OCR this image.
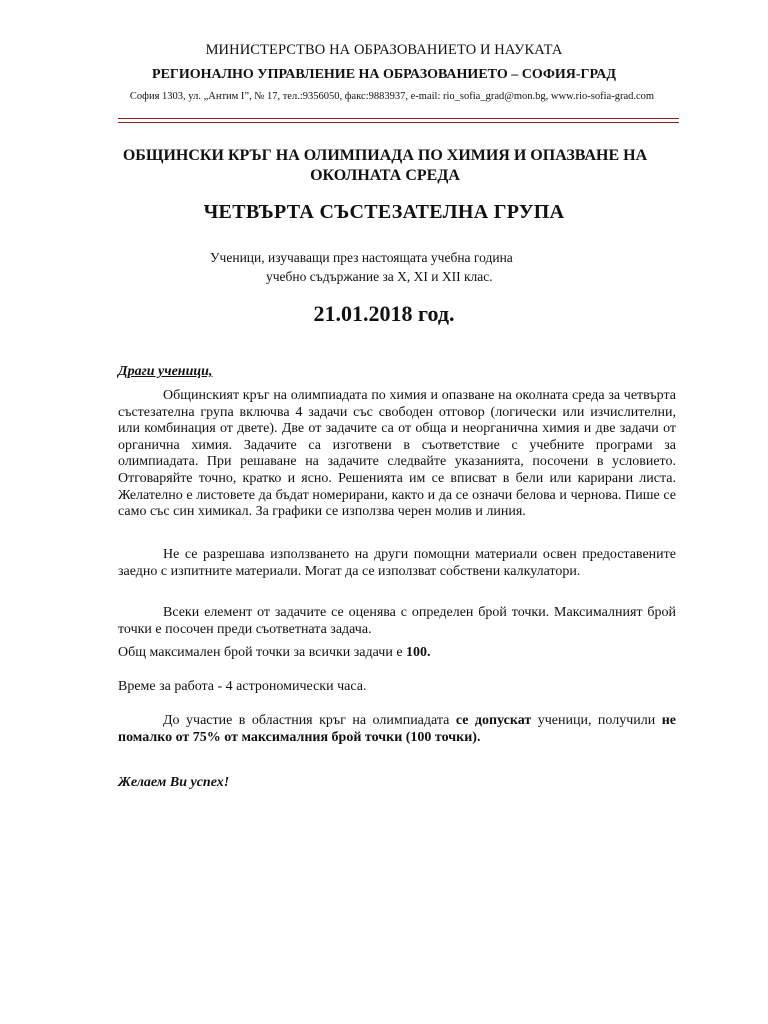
МИНИСТЕРСТВО НА ОБРАЗОВАНИЕТО И НАУКАТА
РЕГИОНАЛНО УПРАВЛЕНИЕ НА ОБРАЗОВАНИЕТО – СОФИЯ-ГРАД
София 1303, ул. „Антим І”, № 17, тел.:9356050, факс:9883937, e-mail: rio_sofia_grad@mon.bg, www.rio-sofia-grad.com
ОБЩИНСКИ КРЪГ НА ОЛИМПИАДА ПО ХИМИЯ И ОПАЗВАНЕ НА ОКОЛНАТА СРЕДА
ЧЕТВЪРТА СЪСТЕЗАТЕЛНА ГРУПА
Ученици, изучаващи през настоящата учебна година
учебно съдържание за Х, ХI и ХII клас.
21.01.2018 год.
Драги ученици,

Общинският кръг на олимпиадата по химия и опазване на околната среда за четвърта състезателна група включва 4 задачи със свободен отговор (логически или изчислителни, или комбинация от двете). Две от задачите са от обща и неорганична химия и две задачи от органична химия. Задачите са изготвени в съответствие с учебните програми за олимпиадата. При решаване на задачите следвайте указанията, посочени в условието. Отговаряйте точно, кратко и ясно. Решенията им се вписват в бели или карирани листа. Желателно е листовете да бъдат номерирани, както и да се означи белова и чернова. Пише се само със син химикал. За графики се използва черен молив и линия.

Не се разрешава използването на други помощни материали освен предоставените заедно с изпитните материали. Могат да се използват собствени калкулатори.

Всеки елемент от задачите се оценява с определен брой точки. Максималният брой точки е посочен преди съответната задача.

Общ максимален брой точки за всички задачи е 100.

Време за работа - 4 астрономически часа.

До участие в областния кръг на олимпиадата се допускат ученици, получили не помалко от 75% от максималния брой точки (100 точки).

Желаем Ви успех!
